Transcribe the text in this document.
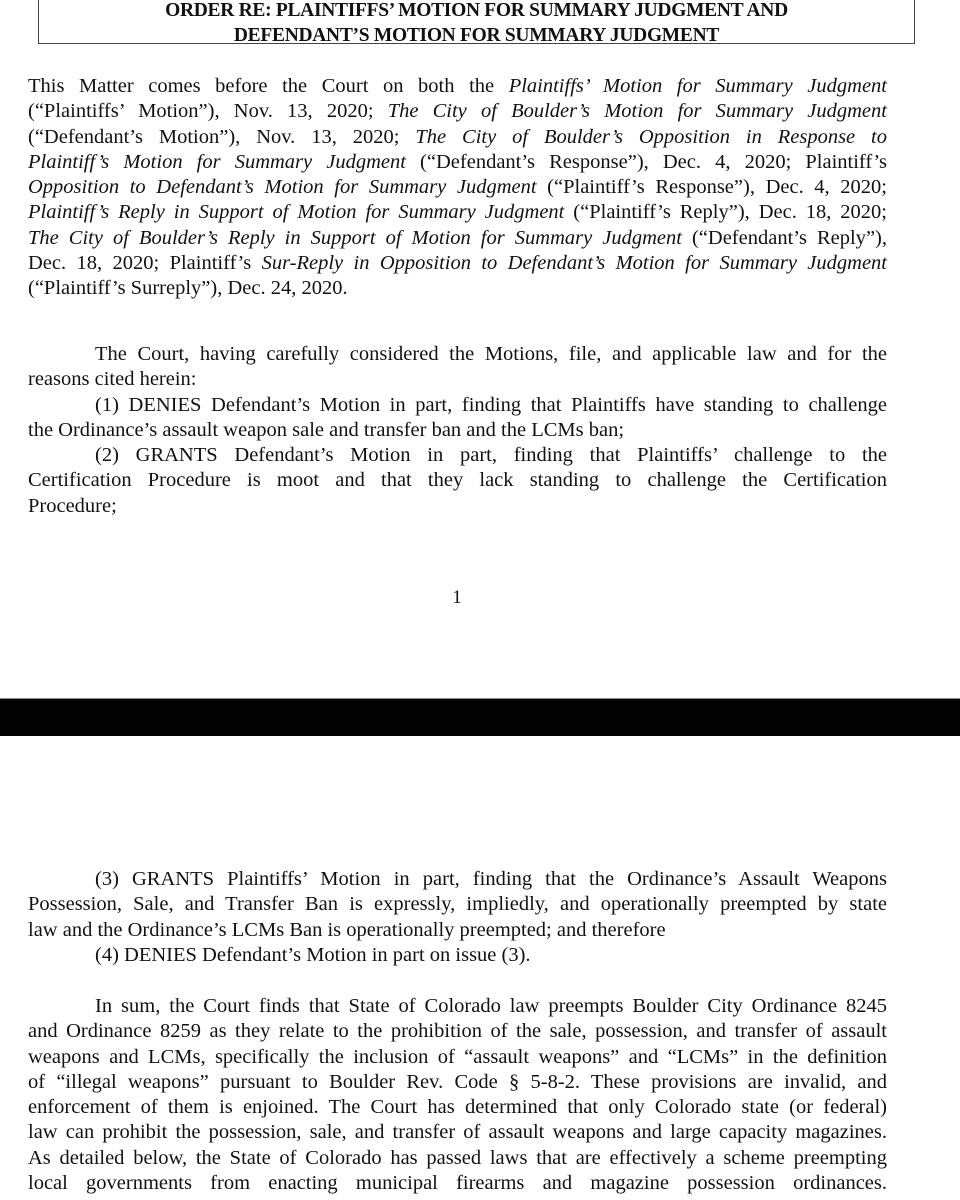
ORDER RE: PLAINTIFFS’ MOTION FOR SUMMARY JUDGMENT AND
DEFENDANT’S MOTION FOR SUMMARY JUDGMENT
This Matter comes before the Court on both the Plaintiffs’ Motion for Summary Judgment
(“Plaintiffs’ Motion”), Nov. 13, 2020; The City of Boulder’s Motion for Summary Judgment
(“Defendant’s Motion”), Nov. 13, 2020; The City of Boulder’s Opposition in Response to
Plaintiff’s Motion for Summary Judgment (“Defendant’s Response”), Dec. 4, 2020; Plaintiff’s
Opposition to Defendant’s Motion for Summary Judgment (“Plaintiff’s Response”), Dec. 4, 2020;
Plaintiff’s Reply in Support of Motion for Summary Judgment (“Plaintiff’s Reply”), Dec. 18, 2020;
The City of Boulder’s Reply in Support of Motion for Summary Judgment (“Defendant’s Reply”),
Dec. 18, 2020; Plaintiff’s Sur-Reply in Opposition to Defendant’s Motion for Summary Judgment
(“Plaintiff’s Surreply”), Dec. 24, 2020.
The Court, having carefully considered the Motions, file, and applicable law and for the
reasons cited herein:
(1) DENIES Defendant’s Motion in part, finding that Plaintiffs have standing to challenge
the Ordinance’s assault weapon sale and transfer ban and the LCMs ban;
(2) GRANTS Defendant’s Motion in part, finding that Plaintiffs’ challenge to the
Certification Procedure is moot and that they lack standing to challenge the Certification
Procedure;
1
(3) GRANTS Plaintiffs’ Motion in part, finding that the Ordinance’s Assault Weapons
Possession, Sale, and Transfer Ban is expressly, impliedly, and operationally preempted by state
law and the Ordinance’s LCMs Ban is operationally preempted; and therefore
(4) DENIES Defendant’s Motion in part on issue (3).
In sum, the Court finds that State of Colorado law preempts Boulder City Ordinance 8245
and Ordinance 8259 as they relate to the prohibition of the sale, possession, and transfer of assault
weapons and LCMs, specifically the inclusion of “assault weapons” and “LCMs” in the definition
of “illegal weapons” pursuant to Boulder Rev. Code § 5-8-2. These provisions are invalid, and
enforcement of them is enjoined. The Court has determined that only Colorado state (or federal)
law can prohibit the possession, sale, and transfer of assault weapons and large capacity magazines.
As detailed below, the State of Colorado has passed laws that are effectively a scheme preempting
local governments from enacting municipal firearms and magazine possession ordinances.
